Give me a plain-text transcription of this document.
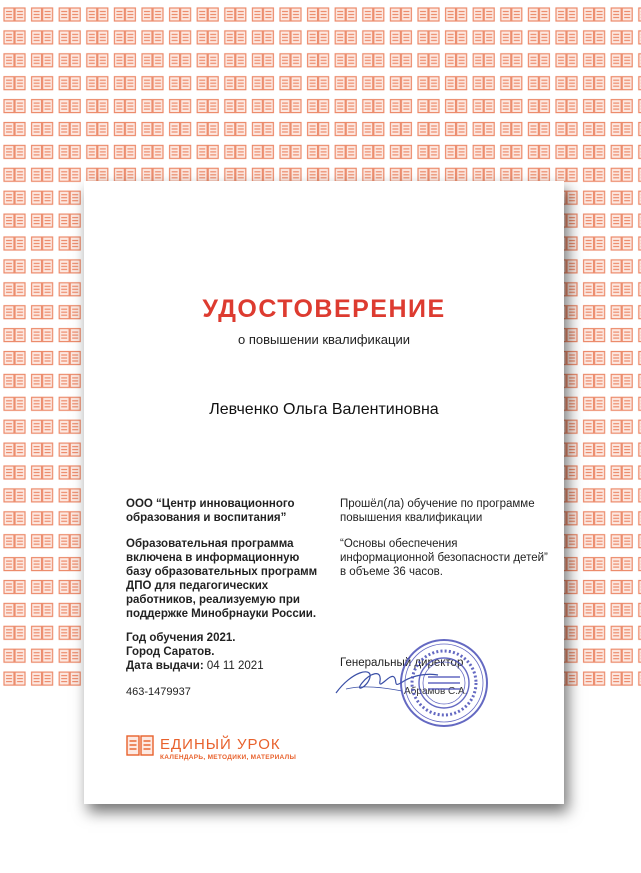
УДОСТОВЕРЕНИЕ
о повышении квалификации
Левченко Ольга Валентиновна
ООО “Центр инновационного образования и воспитания”
Образовательная программа включена в информационную базу образовательных программ ДПО для педагогических работников, реализуемую при поддержке Минобрнауки России.
Год обучения 2021.
Город Саратов.
Дата выдачи: 04 11 2021
463-1479937
Прошёл(ла) обучение по программе повышения квалификации
“Основы обеспечения информационной безопасности детей” в объеме 36 часов.
Генеральный директор
Абрамов С.А.
ЕДИНЫЙ УРОК
КАЛЕНДАРЬ, МЕТОДИКИ, МАТЕРИАЛЫ
